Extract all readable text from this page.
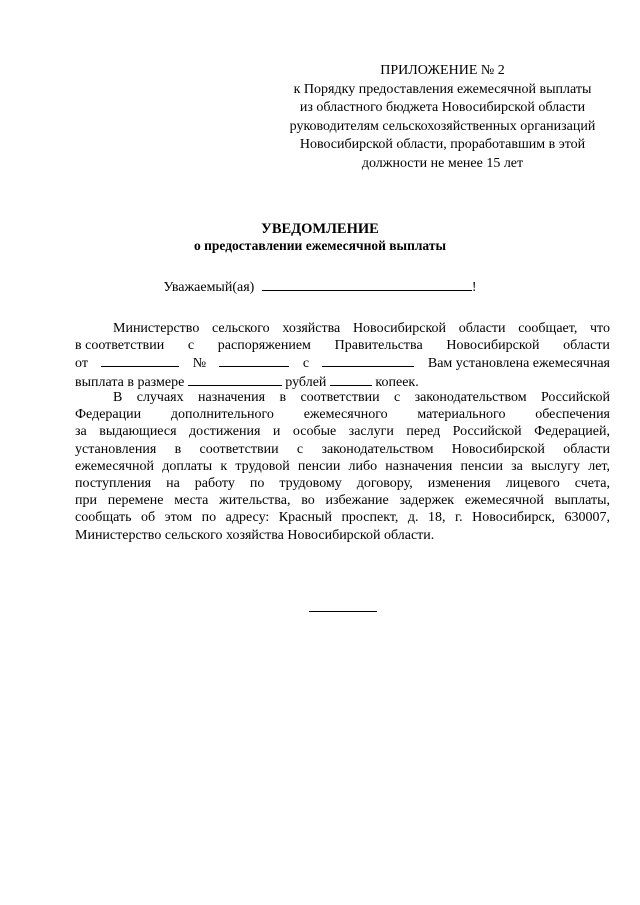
ПРИЛОЖЕНИЕ № 2
к Порядку предоставления ежемесячной выплаты
из областного бюджета Новосибирской области
руководителям сельскохозяйственных организаций
Новосибирской области, проработавшим в этой
должности не менее 15 лет
УВЕДОМЛЕНИЕ
о предоставлении ежемесячной выплаты
Уважаемый(ая)	!
Министерство сельского хозяйства Новосибирской области сообщает, что
в соответствии с распоряжением Правительства Новосибирской области
от	№	с	Вам установлена ежемесячная
выплата в размере	рублей	копеек.
В случаях назначения в соответствии с законодательством Российской
Федерации дополнительного ежемесячного материального обеспечения
за выдающиеся достижения и особые заслуги перед Российской Федерацией,
установления в соответствии с законодательством Новосибирской области
ежемесячной доплаты к трудовой пенсии либо назначения пенсии за выслугу лет,
поступления на работу по трудовому договору, изменения лицевого счета,
при перемене места жительства, во избежание задержек ежемесячной выплаты,
сообщать об этом по адресу: Красный проспект, д. 18, г. Новосибирск, 630007,
Министерство сельского хозяйства Новосибирской области.
